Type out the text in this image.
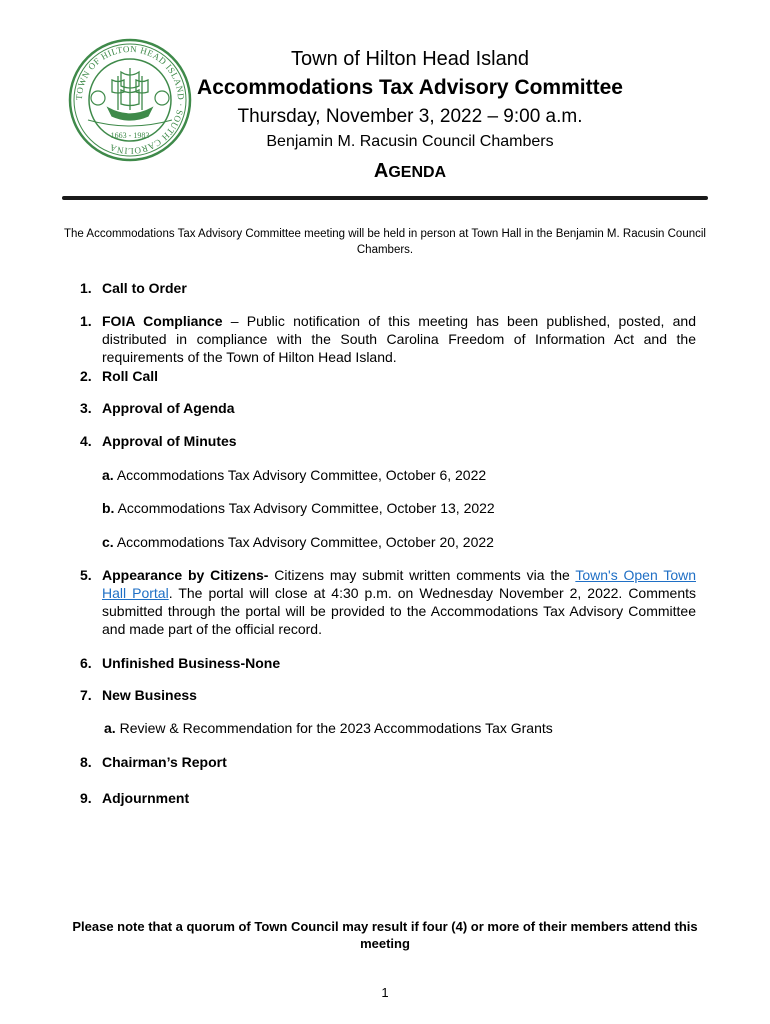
TOWN OF HILTON HEAD ISLAND · SOUTH CAROLINA
1663 - 1983
Town of Hilton Head Island
Accommodations Tax Advisory Committee
Thursday, November 3, 2022 – 9:00 a.m.
Benjamin M. Racusin Council Chambers
AGENDA
The Accommodations Tax Advisory Committee meeting will be held in person at Town Hall in the Benjamin M. Racusin Council Chambers.
1. Call to Order
1. FOIA Compliance – Public notification of this meeting has been published, posted, and distributed in compliance with the South Carolina Freedom of Information Act and the requirements of the Town of Hilton Head Island.
2. Roll Call
3. Approval of Agenda
4. Approval of Minutes
a. Accommodations Tax Advisory Committee, October 6, 2022
b. Accommodations Tax Advisory Committee, October 13, 2022
c. Accommodations Tax Advisory Committee, October 20, 2022
5. Appearance by Citizens- Citizens may submit written comments via the Town's Open Town Hall Portal. The portal will close at 4:30 p.m. on Wednesday November 2, 2022. Comments submitted through the portal will be provided to the Accommodations Tax Advisory Committee and made part of the official record.
6. Unfinished Business-None
7. New Business
a. Review & Recommendation for the 2023 Accommodations Tax Grants
8. Chairman’s Report
9. Adjournment
Please note that a quorum of Town Council may result if four (4) or more of their members attend this meeting
1
